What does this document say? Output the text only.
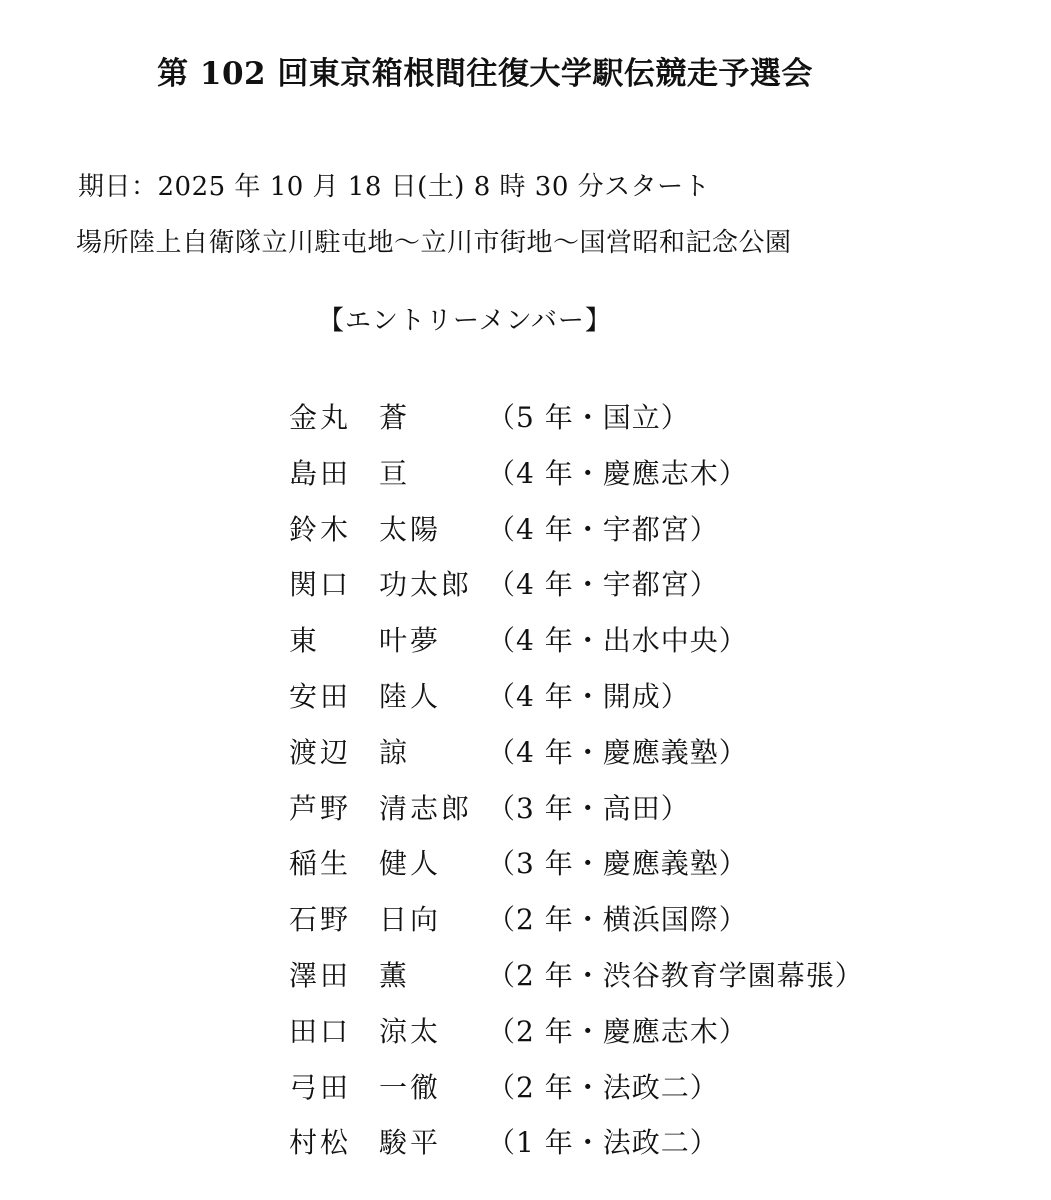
第 102 回東京箱根間往復大学駅伝競走予選会
期日：2025 年 10 月 18 日(土) 8 時 30 分スタート
場所陸上自衛隊立川駐屯地～立川市街地～国営昭和記念公園
【エントリーメンバー】
金丸 蒼	（5 年・国立）
島田 亘	（4 年・慶應志木）
鈴木 太陽 （4 年・宇都宮）
関口 功太郎 （4 年・宇都宮）
東 叶夢 （4 年・出水中央）
安田 陸人 （4 年・開成）
渡辺 諒	（4 年・慶應義塾）
芦野 清志郎 （3 年・高田）
稲生 健人 （3 年・慶應義塾）
石野 日向 （2 年・横浜国際）
澤田 薫	（2 年・渋谷教育学園幕張）
田口 涼太 （2 年・慶應志木）
弓田 一徹 （2 年・法政二）
村松 駿平 （1 年・法政二）
